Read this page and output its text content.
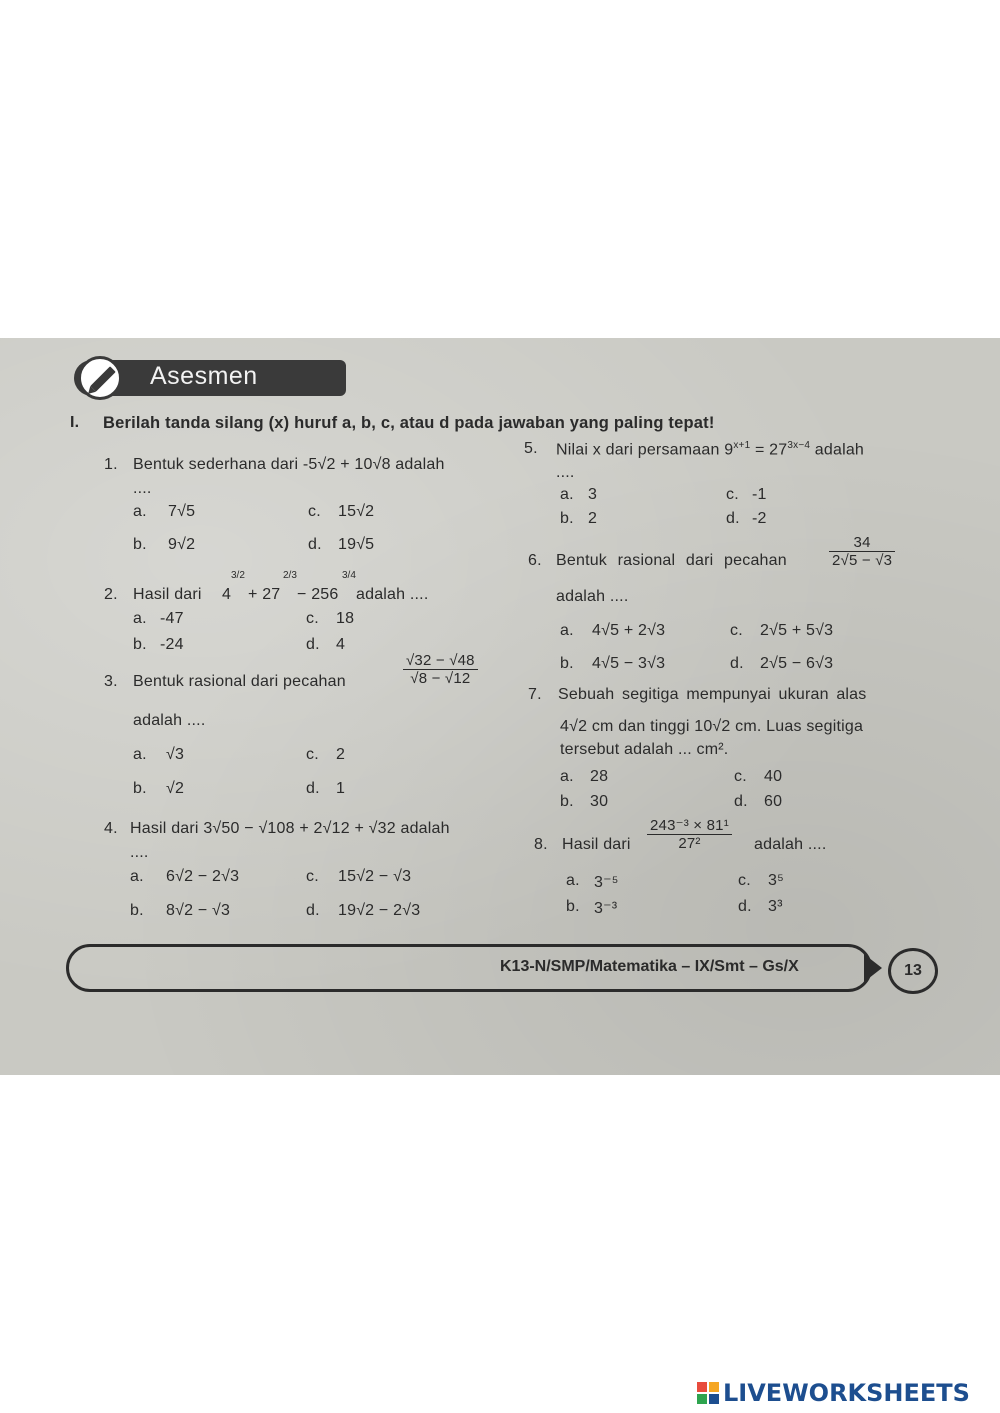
Asesmen
I. Berilah tanda silang (x) huruf a, b, c, atau d pada jawaban yang paling tepat!
1. Bentuk sederhana dari -5√2 + 10√8 adalah
....
a. 7√5	c. 15√2
b. 9√2	d. 19√5
2. Hasil dari 4
3/2
+ 27
2/3
− 256
3/4
adalah ....
a. -47	c. 18
b. -24	d. 4
3. Bentuk rasional dari pecahan	$\frac{√32 - √48}{√8 - √12}$
adalah ....
a. √3	c. 2
b. √2	d. 1
4. Hasil dari 3√50 − √108 + 2√12 + √32 adalah
....
a. 6√2 − 2√3	c. 15√2 − √3
b. 8√2 − √3	d. 19√2 − 2√3
5. Nilai x dari persamaan $9^{x+1} = 27^{3x-4}$ adalah
....
a. 3	c. -1
b. 2	d. -2
6. Bentuk rasional dari pecahan	$\frac{34}{2√5 - √3}$
adalah ....
a. 4√5 + 2√3	c. 2√5 + 5√3
b. 4√5 − 3√3	d. 2√5 − 6√3
7. Sebuah segitiga mempunyai ukuran alas
4√2 cm dan tinggi 10√2 cm. Luas segitiga
tersebut adalah ... cm².
a. 28	c. 40
b. 30	d. 60
8. Hasil dari $\frac{\text{243⁻³ × 81¹}}{\text{27²}}$ adalah ....
a. 3⁻⁵	c. 3⁵
b. 3⁻³	d. 3³
K13-N/SMP/Matematika – IX/Smt – Gs/X	13
LIVEWORKSHEETS
